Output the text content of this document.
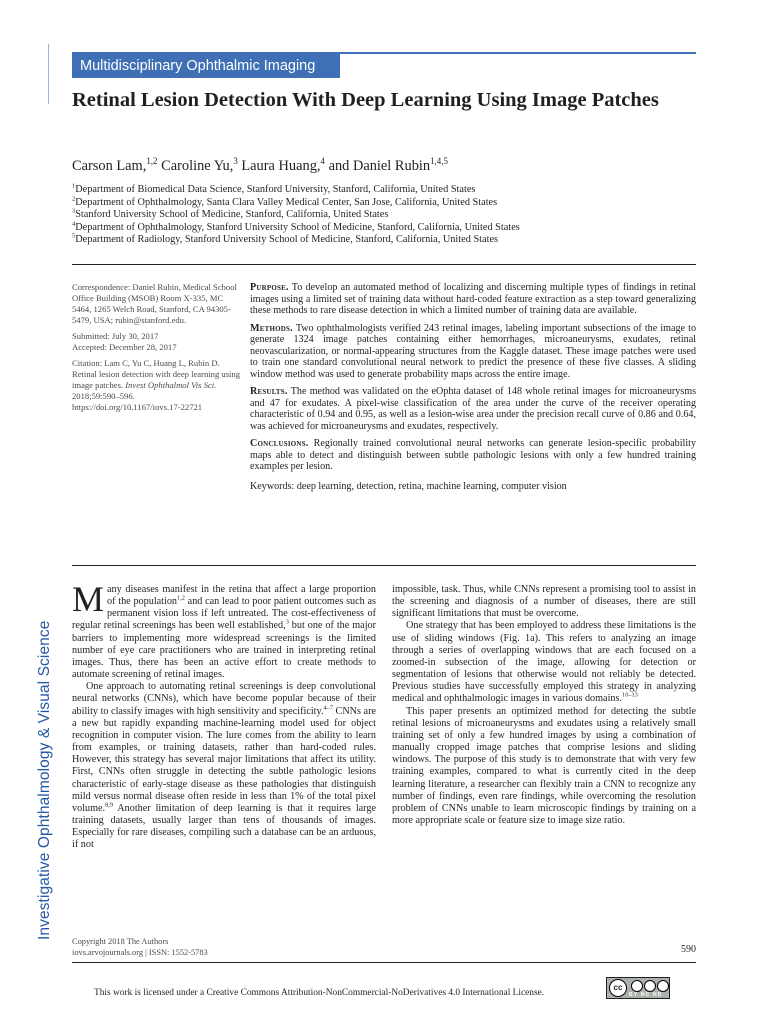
Investigative Ophthalmology & Visual Science
Multidisciplinary Ophthalmic Imaging
Retinal Lesion Detection With Deep Learning Using Image Patches
Carson Lam,$^{1,2}$ Caroline Yu,$^3$ Laura Huang,$^4$ and Daniel Rubin$^{1,4,5}$
$^1$Department of Biomedical Data Science, Stanford University, Stanford, California, United States
$^2$Department of Ophthalmology, Santa Clara Valley Medical Center, San Jose, California, United States
$^3$Stanford University School of Medicine, Stanford, California, United States
$^4$Department of Ophthalmology, Stanford University School of Medicine, Stanford, California, United States
$^5$Department of Radiology, Stanford University School of Medicine, Stanford, California, United States

Correspondence: Daniel Rubin, Medical School Office Building (MSOB) Room X-335, MC 5464, 1265 Welch Road, Stanford, CA 94305-5479, USA; rubin@stanford.edu.

Submitted: July 30, 2017
Accepted: December 28, 2017

Citation: Lam C, Yu C, Huang L, Rubin D. Retinal lesion detection with deep learning using image patches. Invest Ophthalmol Vis Sci. 2018;59:590–596. https://doi.org/10.1167/iovs.17-22721

Purpose. To develop an automated method of localizing and discerning multiple types of findings in retinal images using a limited set of training data without hard-coded feature extraction as a step toward generalizing these methods to rare disease detection in which a limited number of training data are available.

Methods. Two ophthalmologists verified 243 retinal images, labeling important subsections of the image to generate 1324 image patches containing either hemorrhages, microaneurysms, exudates, retinal neovascularization, or normal-appearing structures from the Kaggle dataset. These image patches were used to train one standard convolutional neural network to predict the presence of these five classes. A sliding window method was used to generate probability maps across the entire image.

Results. The method was validated on the eOphta dataset of 148 whole retinal images for microaneurysms and 47 for exudates. A pixel-wise classification of the area under the curve of the receiver operating characteristic of 0.94 and 0.95, as well as a lesion-wise area under the precision recall curve of 0.86 and 0.64, was achieved for microaneurysms and exudates, respectively.

Conclusions. Regionally trained convolutional neural networks can generate lesion-specific probability maps able to detect and distinguish between subtle pathologic lesions with only a few hundred training examples per lesion.

Keywords: deep learning, detection, retina, machine learning, computer vision

Many diseases manifest in the retina that affect a large proportion of the population$^{1,2}$ and can lead to poor patient outcomes such as permanent vision loss if left untreated. The cost-effectiveness of regular retinal screenings has been well established,$^3$ but one of the major barriers to implementing more widespread screenings is the limited number of eye care practitioners who are trained in interpreting retinal images. Thus, there has been an active effort to create methods to automate screening of retinal images.

One approach to automating retinal screenings is deep convolutional neural networks (CNNs), which have become popular because of their ability to classify images with high sensitivity and specificity.$^{4-7}$ CNNs are a new but rapidly expanding machine-learning model used for object recognition in computer vision. The lure comes from the ability to learn from examples, or training datasets, rather than hard-coded rules. However, this strategy has several major limitations that affect its utility. First, CNNs often struggle in detecting the subtle pathologic lesions characteristic of early-stage disease as these pathologies that distinguish mild versus normal disease often reside in less than 1% of the total pixel volume.$^{8,9}$ Another limitation of deep learning is that it requires large training datasets, usually larger than tens of thousands of images. Especially for rare diseases, compiling such a database can be an arduous, if not

impossible, task. Thus, while CNNs represent a promising tool to assist in the screening and diagnosis of a number of diseases, there are still significant limitations that must be overcome.

One strategy that has been employed to address these limitations is the use of sliding windows (Fig. 1a). This refers to analyzing an image through a series of overlapping windows that are each focused on a zoomed-in subsection of the image, allowing for detection or segmentation of lesions that otherwise would not reliably be detected. Previous studies have successfully employed this strategy in analyzing medical and ophthalmologic images in various domains.$^{10-13}$

This paper presents an optimized method for detecting the subtle retinal lesions of microaneurysms and exudates using a relatively small training set of only a few hundred images by using a combination of manually cropped image patches that comprise lesions and sliding windows. The purpose of this study is to demonstrate that with very few training examples, compared to what is currently cited in the deep learning literature, a researcher can flexibly train a CNN to recognize any number of findings, even rare findings, while overcoming the resolution problem of CNNs unable to learn microscopic findings by training on a more appropriate scale or feature size to image size ratio.

Copyright 2018 The Authors
iovs.arvojournals.org | ISSN: 1552-5783	590
This work is licensed under a Creative Commons Attribution-NonCommercial-NoDerivatives 4.0 International License.
cc
BY NC ND
